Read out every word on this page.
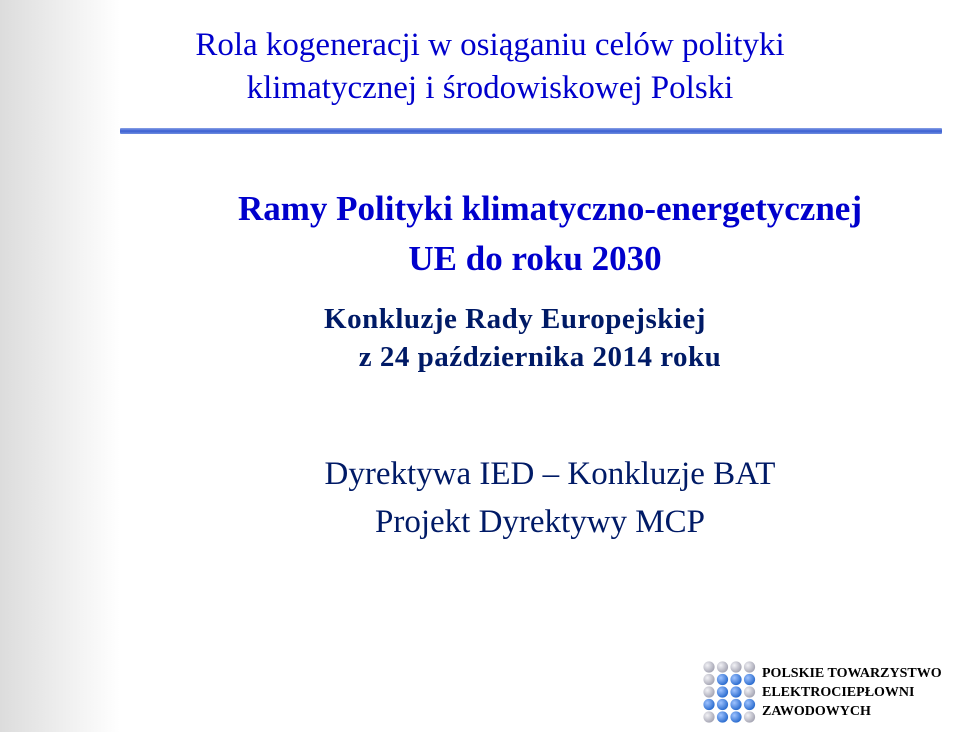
Rola kogeneracji w osiąganiu celów polityki
klimatycznej i środowiskowej Polski
Ramy Polityki klimatyczno-energetycznej
UE do roku 2030
Konkluzje Rady Europejskiej
z 24 października 2014 roku
Dyrektywa IED – Konkluzje BAT
Projekt Dyrektywy MCP
POLSKIE TOWARZYSTWO
ELEKTROCIEPŁOWNI
ZAWODOWYCH
